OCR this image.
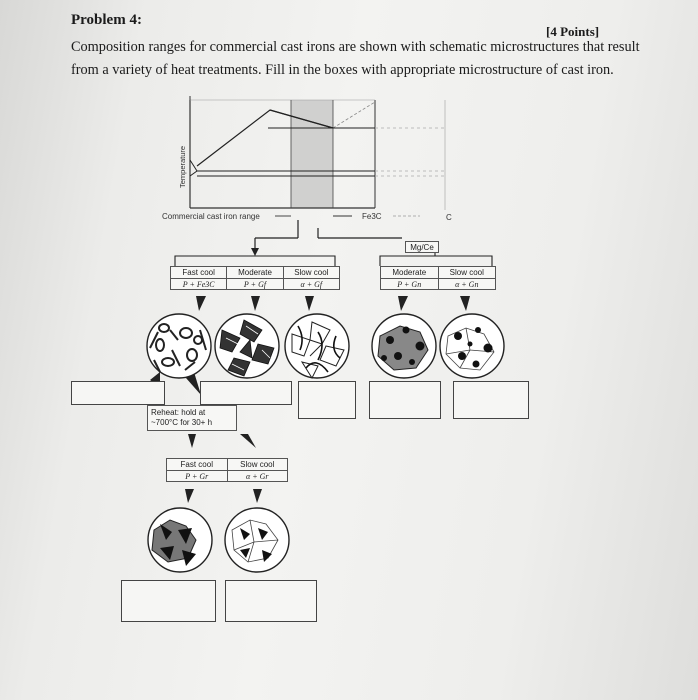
Problem 4:
[4 Points]
Composition ranges for commercial cast irons are shown with schematic microstructures that result
from a variety of heat treatments. Fill in the boxes with appropriate microstructure of cast iron.
Temperature
Commercial cast iron range	Fe3C	C
Mg/Ce
Fast cool
P + Fe3C
Moderate
P + Gf
Slow cool
α + Gf
Moderate
P + Gn
Slow cool
α + Gn
Reheat: hold at
~700°C for 30+ h
Fast cool
P + Gr
Slow cool
α + Gr
